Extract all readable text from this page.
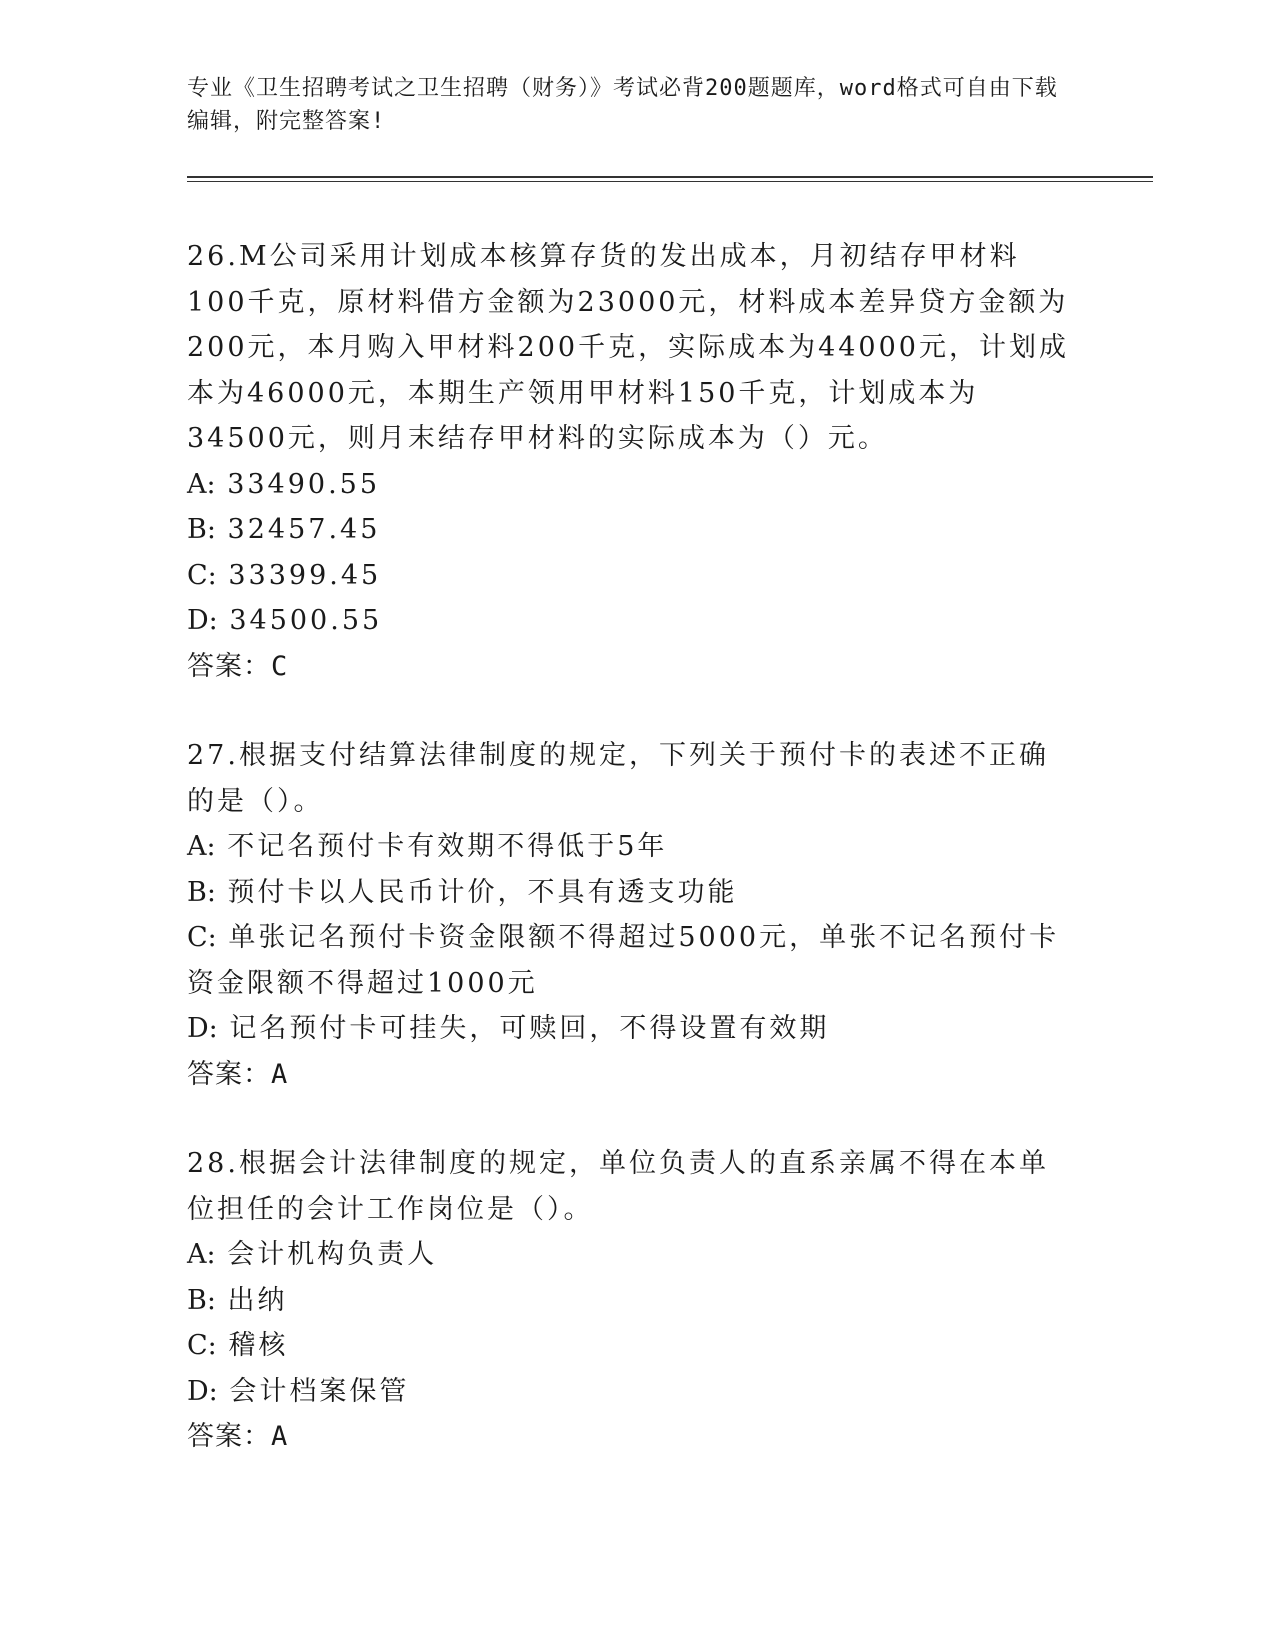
专业《卫生招聘考试之卫生招聘（财务）》考试必背200题题库，word格式可自由下载编辑，附完整答案!

26.M公司采用计划成本核算存货的发出成本，月初结存甲材料100千克，原材料借方金额为23000元，材料成本差异贷方金额为200元，本月购入甲材料200千克，实际成本为44000元，计划成本为46000元，本期生产领用甲材料150千克，计划成本为34500元，则月末结存甲材料的实际成本为（）元。

A: 33490.55

B: 32457.45

C: 33399.45

D: 34500.55

答案：C

27.根据支付结算法律制度的规定，下列关于预付卡的表述不正确的是（）。

A: 不记名预付卡有效期不得低于5年

B: 预付卡以人民币计价，不具有透支功能

C: 单张记名预付卡资金限额不得超过5000元，单张不记名预付卡资金限额不得超过1000元

D: 记名预付卡可挂失，可赎回，不得设置有效期

答案：A

28.根据会计法律制度的规定，单位负责人的直系亲属不得在本单位担任的会计工作岗位是（）。

A: 会计机构负责人

B: 出纳

C: 稽核

D: 会计档案保管

答案：A
